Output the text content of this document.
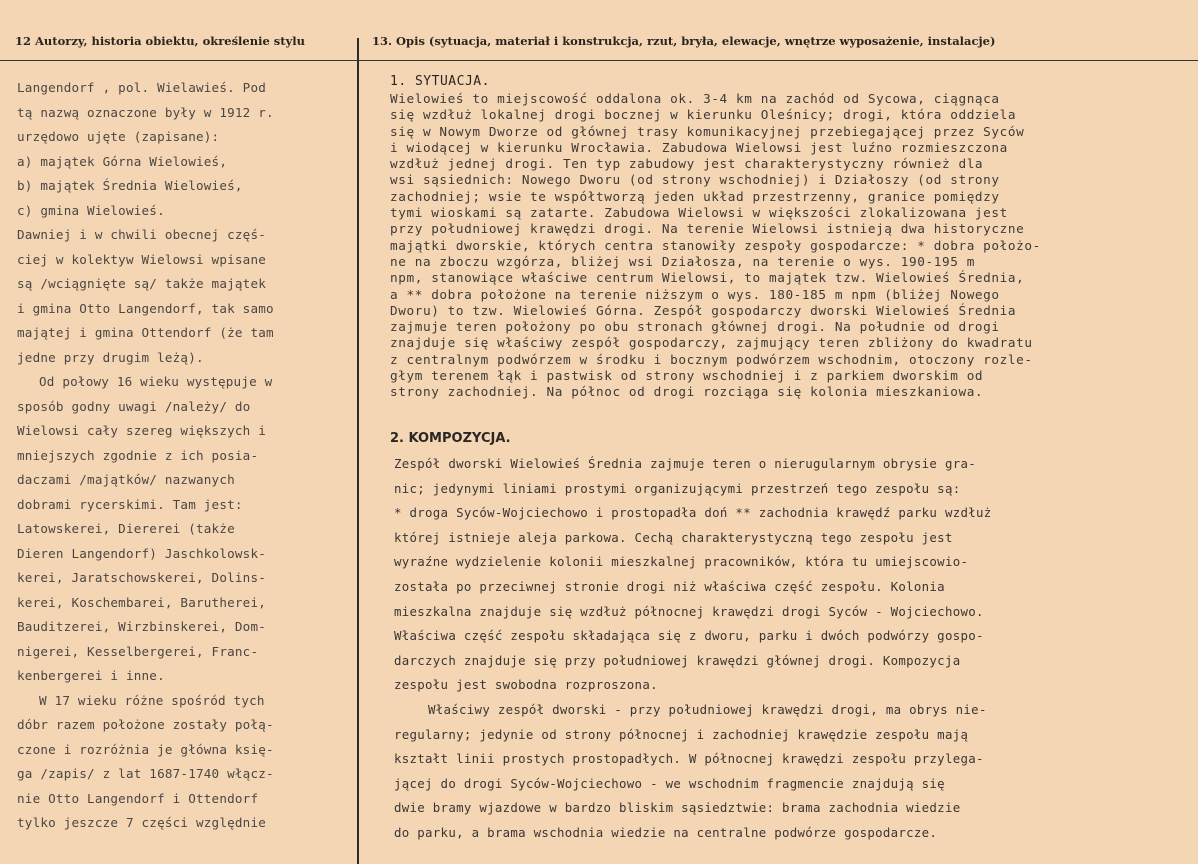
12 Autorzy, historia obiektu, określenie stylu	13. Opis (sytuacja, materiał i konstrukcja, rzut, bryła, elewacje, wnętrze wyposażenie, instalacje)
Langendorf , pol. Wielawieś. Pod
tą nazwą oznaczone były w 1912 r.
urzędowo ujęte (zapisane):
a) majątek Górna Wielowieś,
b) majątek Średnia Wielowieś,
c) gmina Wielowieś.
Dawniej i w chwili obecnej częś-
ciej w kolektyw Wielowsi wpisane
są /wciągnięte są/ także majątek
i gmina Otto Langendorf, tak samo
majątej i gmina Ottendorf (że tam
jedne przy drugim leżą).
Od połowy 16 wieku występuje w
sposób godny uwagi /należy/ do
Wielowsi cały szereg większych i
mniejszych zgodnie z ich posia-
daczami /majątków/ nazwanych
dobrami rycerskimi. Tam jest:
Latowskerei, Diererei (także
Dieren Langendorf) Jaschkolowsk-
kerei, Jaratschowskerei, Dolins-
kerei, Koschembarei, Barutherei,
Bauditzerei, Wirzbinskerei, Dom-
nigerei, Kesselbergerei, Franc-
kenbergerei i inne.
W 17 wieku różne spośród tych
dóbr razem położone zostały połą-
czone i rozróżnia je główna księ-
ga /zapis/ z lat 1687-1740 włącz-
nie Otto Langendorf i Ottendorf
tylko jeszcze 7 części względnie
1. SYTUACJA.
Wielowieś to miejscowość oddalona ok. 3-4 km na zachód od Sycowa, ciągnąca
się wzdłuż lokalnej drogi bocznej w kierunku Oleśnicy; drogi, która oddziela
się w Nowym Dworze od głównej trasy komunikacyjnej przebiegającej przez Syców
i wiodącej w kierunku Wrocławia. Zabudowa Wielowsi jest luźno rozmieszczona
wzdłuż jednej drogi. Ten typ zabudowy jest charakterystyczny również dla
wsi sąsiednich: Nowego Dworu (od strony wschodniej) i Działoszy (od strony
zachodniej; wsie te współtworzą jeden układ przestrzenny, granice pomiędzy
tymi wioskami są zatarte. Zabudowa Wielowsi w większości zlokalizowana jest
przy południowej krawędzi drogi. Na terenie Wielowsi istnieją dwa historyczne
majątki dworskie, których centra stanowiły zespoły gospodarcze: * dobra położo-
ne na zboczu wzgórza, bliżej wsi Działosza, na terenie o wys. 190-195 m
npm, stanowiące właściwe centrum Wielowsi, to majątek tzw. Wielowieś Średnia,
a ** dobra położone na terenie niższym o wys. 180-185 m npm (bliżej Nowego
Dworu) to tzw. Wielowieś Górna. Zespół gospodarczy dworski Wielowieś Średnia
zajmuje teren położony po obu stronach głównej drogi. Na południe od drogi
znajduje się właściwy zespół gospodarczy, zajmujący teren zbliżony do kwadratu
z centralnym podwórzem w środku i bocznym podwórzem wschodnim, otoczony rozle-
głym terenem łąk i pastwisk od strony wschodniej i z parkiem dworskim od
strony zachodniej. Na północ od drogi rozciąga się kolonia mieszkaniowa.
2. KOMPOZYCJA.
Zespół dworski Wielowieś Średnia zajmuje teren o nierugularnym obrysie gra-
nic; jedynymi liniami prostymi organizującymi przestrzeń tego zespołu są:
* droga Syców-Wojciechowo i prostopadła doń ** zachodnia krawędź parku wzdłuż
której istnieje aleja parkowa. Cechą charakterystyczną tego zespołu jest
wyraźne wydzielenie kolonii mieszkalnej pracowników, która tu umiejscowio-
została po przeciwnej stronie drogi niż właściwa część zespołu. Kolonia
mieszkalna znajduje się wzdłuż północnej krawędzi drogi Syców - Wojciechowo.
Właściwa część zespołu składająca się z dworu, parku i dwóch podwórzy gospo-
darczych znajduje się przy południowej krawędzi głównej drogi. Kompozycja
zespołu jest swobodna rozproszona.
Właściwy zespół dworski - przy południowej krawędzi drogi, ma obrys nie-
regularny; jedynie od strony północnej i zachodniej krawędzie zespołu mają
kształt linii prostych prostopadłych. W północnej krawędzi zespołu przylega-
jącej do drogi Syców-Wojciechowo - we wschodnim fragmencie znajdują się
dwie bramy wjazdowe w bardzo bliskim sąsiedztwie: brama zachodnia wiedzie
do parku, a brama wschodnia wiedzie na centralne podwórze gospodarcze.
